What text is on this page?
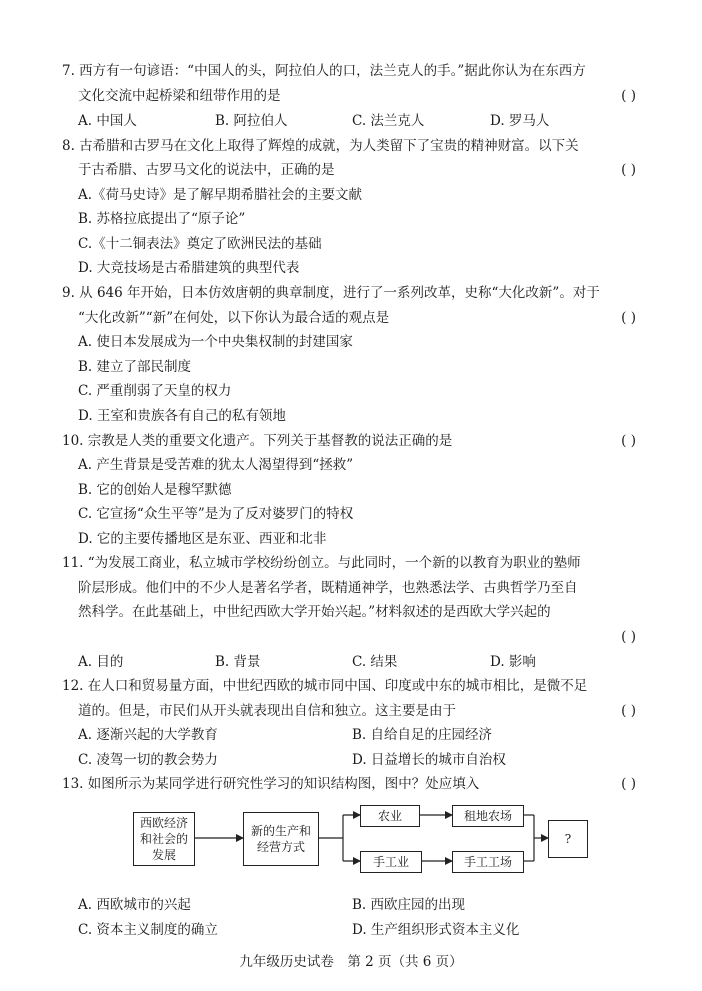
7. 西方有一句谚语：“中国人的头，阿拉伯人的口，法兰克人的手。”据此你认为在东西方
文化交流中起桥梁和纽带作用的是	( )
A. 中国人	B. 阿拉伯人	C. 法兰克人	D. 罗马人
8. 古希腊和古罗马在文化上取得了辉煌的成就，为人类留下了宝贵的精神财富。以下关
于古希腊、古罗马文化的说法中，正确的是	( )
A.《荷马史诗》是了解早期希腊社会的主要文献
B. 苏格拉底提出了“原子论”
C.《十二铜表法》奠定了欧洲民法的基础
D. 大竞技场是古希腊建筑的典型代表
9. 从 646 年开始，日本仿效唐朝的典章制度，进行了一系列改革，史称“大化改新”。对于
“大化改新”“新”在何处，以下你认为最合适的观点是	( )
A. 使日本发展成为一个中央集权制的封建国家
B. 建立了部民制度
C. 严重削弱了天皇的权力
D. 王室和贵族各有自己的私有领地
10. 宗教是人类的重要文化遗产。下列关于基督教的说法正确的是	( )
A. 产生背景是受苦难的犹太人渴望得到“拯救”
B. 它的创始人是穆罕默德
C. 它宣扬“众生平等”是为了反对婆罗门的特权
D. 它的主要传播地区是东亚、西亚和北非
11. “为发展工商业，私立城市学校纷纷创立。与此同时，一个新的以教育为职业的塾师
阶层形成。他们中的不少人是著名学者，既精通神学，也熟悉法学、古典哲学乃至自
然科学。在此基础上，中世纪西欧大学开始兴起。”材料叙述的是西欧大学兴起的
( )
A. 目的	B. 背景	C. 结果	D. 影响
12. 在人口和贸易量方面，中世纪西欧的城市同中国、印度或中东的城市相比，是微不足
道的。但是，市民们从开头就表现出自信和独立。这主要是由于	( )
A. 逐渐兴起的大学教育	B. 自给自足的庄园经济
C. 凌驾一切的教会势力	D. 日益增长的城市自治权
13. 如图所示为某同学进行研究性学习的知识结构图，图中？处应填入	( )
西欧经济和社会的发展
新的生产和经营方式
农业
手工业
租地农场
手工工场
?
A. 西欧城市的兴起	B. 西欧庄园的出现
C. 资本主义制度的确立	D. 生产组织形式资本主义化
九年级历史试卷　第 2 页（共 6 页）
